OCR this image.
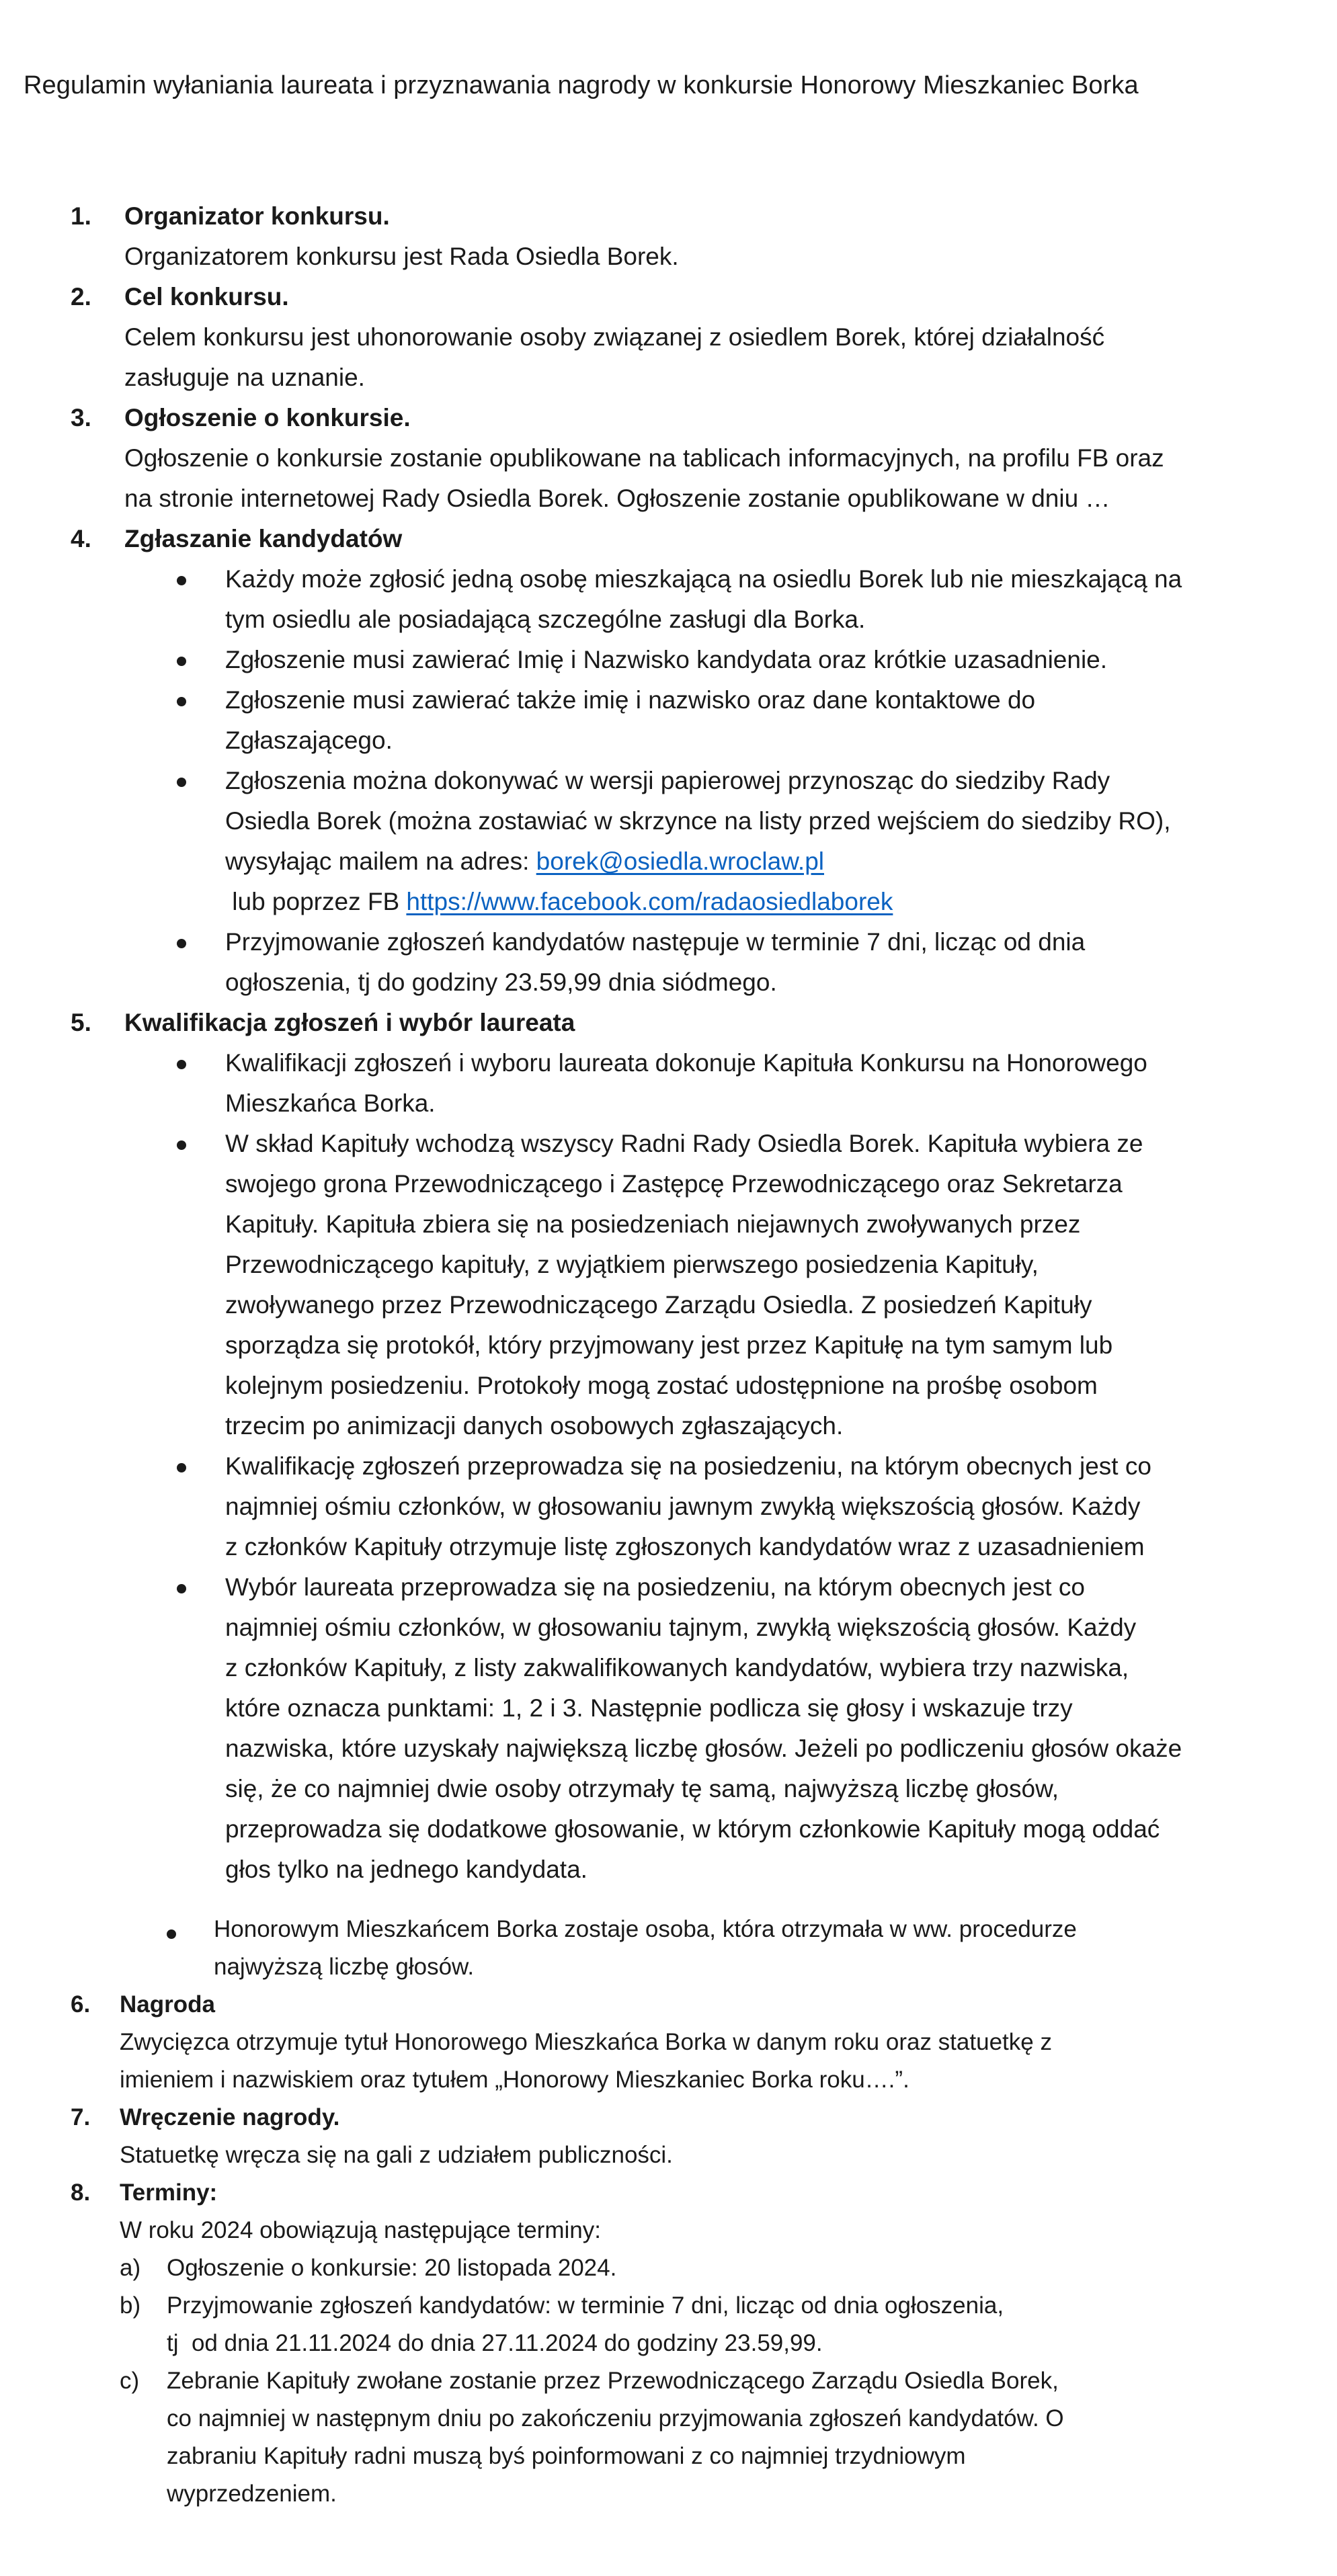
Regulamin wyłaniania laureata i przyznawania nagrody w konkursie Honorowy Mieszkaniec Borka
1. Organizator konkursu.
Organizatorem konkursu jest Rada Osiedla Borek.
2. Cel konkursu.
Celem konkursu jest uhonorowanie osoby związanej z osiedlem Borek, której działalność
zasługuje na uznanie.
3. Ogłoszenie o konkursie.
Ogłoszenie o konkursie zostanie opublikowane na tablicach informacyjnych, na profilu FB oraz
na stronie internetowej Rady Osiedla Borek. Ogłoszenie zostanie opublikowane w dniu …
4. Zgłaszanie kandydatów
Każdy może zgłosić jedną osobę mieszkającą na osiedlu Borek lub nie mieszkającą na
tym osiedlu ale posiadającą szczególne zasługi dla Borka.
Zgłoszenie musi zawierać Imię i Nazwisko kandydata oraz krótkie uzasadnienie.
Zgłoszenie musi zawierać także imię i nazwisko oraz dane kontaktowe do
Zgłaszającego.
Zgłoszenia można dokonywać w wersji papierowej przynosząc do siedziby Rady
Osiedla Borek (można zostawiać w skrzynce na listy przed wejściem do siedziby RO),
wysyłając mailem na adres: borek@osiedla.wroclaw.pl
lub poprzez FB https://www.facebook.com/radaosiedlaborek
Przyjmowanie zgłoszeń kandydatów następuje w terminie 7 dni, licząc od dnia
ogłoszenia, tj do godziny 23.59,99 dnia siódmego.
5. Kwalifikacja zgłoszeń i wybór laureata
Kwalifikacji zgłoszeń i wyboru laureata dokonuje Kapituła Konkursu na Honorowego
Mieszkańca Borka.
W skład Kapituły wchodzą wszyscy Radni Rady Osiedla Borek. Kapituła wybiera ze
swojego grona Przewodniczącego i Zastępcę Przewodniczącego oraz Sekretarza
Kapituły. Kapituła zbiera się na posiedzeniach niejawnych zwoływanych przez
Przewodniczącego kapituły, z wyjątkiem pierwszego posiedzenia Kapituły,
zwoływanego przez Przewodniczącego Zarządu Osiedla. Z posiedzeń Kapituły
sporządza się protokół, który przyjmowany jest przez Kapitułę na tym samym lub
kolejnym posiedzeniu. Protokoły mogą zostać udostępnione na prośbę osobom
trzecim po animizacji danych osobowych zgłaszających.
Kwalifikację zgłoszeń przeprowadza się na posiedzeniu, na którym obecnych jest co
najmniej ośmiu członków, w głosowaniu jawnym zwykłą większością głosów. Każdy
z członków Kapituły otrzymuje listę zgłoszonych kandydatów wraz z uzasadnieniem
Wybór laureata przeprowadza się na posiedzeniu, na którym obecnych jest co
najmniej ośmiu członków, w głosowaniu tajnym, zwykłą większością głosów. Każdy
z członków Kapituły, z listy zakwalifikowanych kandydatów, wybiera trzy nazwiska,
które oznacza punktami: 1, 2 i 3. Następnie podlicza się głosy i wskazuje trzy
nazwiska, które uzyskały największą liczbę głosów. Jeżeli po podliczeniu głosów okaże
się, że co najmniej dwie osoby otrzymały tę samą, najwyższą liczbę głosów,
przeprowadza się dodatkowe głosowanie, w którym członkowie Kapituły mogą oddać
głos tylko na jednego kandydata.
Honorowym Mieszkańcem Borka zostaje osoba, która otrzymała w ww. procedurze
najwyższą liczbę głosów.
6. Nagroda
Zwycięzca otrzymuje tytuł Honorowego Mieszkańca Borka w danym roku oraz statuetkę z
imieniem i nazwiskiem oraz tytułem „Honorowy Mieszkaniec Borka roku….”.
7. Wręczenie nagrody.
Statuetkę wręcza się na gali z udziałem publiczności.
8. Terminy:
W roku 2024 obowiązują następujące terminy:
a) Ogłoszenie o konkursie: 20 listopada 2024.
b) Przyjmowanie zgłoszeń kandydatów: w terminie 7 dni, licząc od dnia ogłoszenia,
tj  od dnia 21.11.2024 do dnia 27.11.2024 do godziny 23.59,99.
c) Zebranie Kapituły zwołane zostanie przez Przewodniczącego Zarządu Osiedla Borek,
co najmniej w następnym dniu po zakończeniu przyjmowania zgłoszeń kandydatów. O
zabraniu Kapituły radni muszą byś poinformowani z co najmniej trzydniowym
wyprzedzeniem.
